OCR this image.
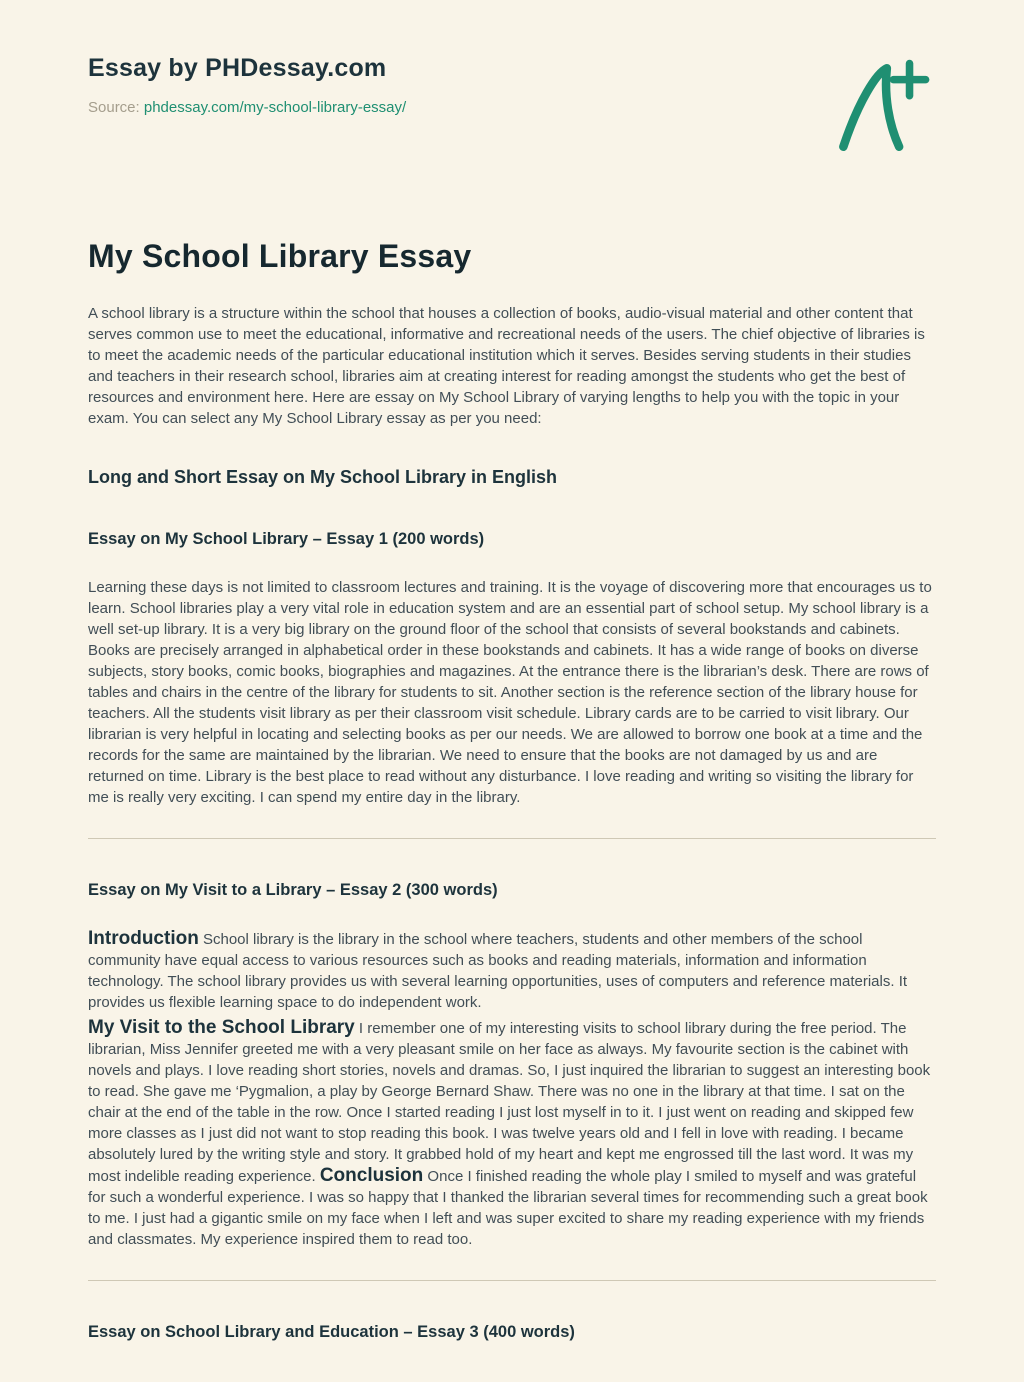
Essay by PHDessay.com

Source: phdessay.com/my-school-library-essay/

My School Library Essay

A school library is a structure within the school that houses a collection of books, audio-visual material and other content that serves common use to meet the educational, informative and recreational needs of the users. The chief objective of libraries is to meet the academic needs of the particular educational institution which it serves. Besides serving students in their studies and teachers in their research school, libraries aim at creating interest for reading amongst the students who get the best of resources and environment here. Here are essay on My School Library of varying lengths to help you with the topic in your exam. You can select any My School Library essay as per you need:

Long and Short Essay on My School Library in English
Essay on My School Library – Essay 1 (200 words)

Learning these days is not limited to classroom lectures and training. It is the voyage of discovering more that encourages us to learn. School libraries play a very vital role in education system and are an essential part of school setup. My school library is a well set-up library. It is a very big library on the ground floor of the school that consists of several bookstands and cabinets. Books are precisely arranged in alphabetical order in these bookstands and cabinets. It has a wide range of books on diverse subjects, story books, comic books, biographies and magazines. At the entrance there is the librarian’s desk. There are rows of tables and chairs in the centre of the library for students to sit. Another section is the reference section of the library house for teachers. All the students visit library as per their classroom visit schedule. Library cards are to be carried to visit library. Our librarian is very helpful in locating and selecting books as per our needs. We are allowed to borrow one book at a time and the records for the same are maintained by the librarian. We need to ensure that the books are not damaged by us and are returned on time. Library is the best place to read without any disturbance. I love reading and writing so visiting the library for me is really very exciting. I can spend my entire day in the library.

Essay on My Visit to a Library – Essay 2 (300 words)

Introduction School library is the library in the school where teachers, students and other members of the school community have equal access to various resources such as books and reading materials, information and information technology. The school library provides us with several learning opportunities, uses of computers and reference materials. It provides us flexible learning space to do independent work.

My Visit to the School Library I remember one of my interesting visits to school library during the free period. The librarian, Miss Jennifer greeted me with a very pleasant smile on her face as always. My favourite section is the cabinet with novels and plays. I love reading short stories, novels and dramas. So, I just inquired the librarian to suggest an interesting book to read. She gave me ‘Pygmalion, a play by George Bernard Shaw. There was no one in the library at that time. I sat on the chair at the end of the table in the row. Once I started reading I just lost myself in to it. I just went on reading and skipped few more classes as I just did not want to stop reading this book. I was twelve years old and I fell in love with reading. I became absolutely lured by the writing style and story. It grabbed hold of my heart and kept me engrossed till the last word. It was my most indelible reading experience. Conclusion Once I finished reading the whole play I smiled to myself and was grateful for such a wonderful experience. I was so happy that I thanked the librarian several times for recommending such a great book to me. I just had a gigantic smile on my face when I left and was super excited to share my reading experience with my friends and classmates. My experience inspired them to read too.

Essay on School Library and Education – Essay 3 (400 words)
